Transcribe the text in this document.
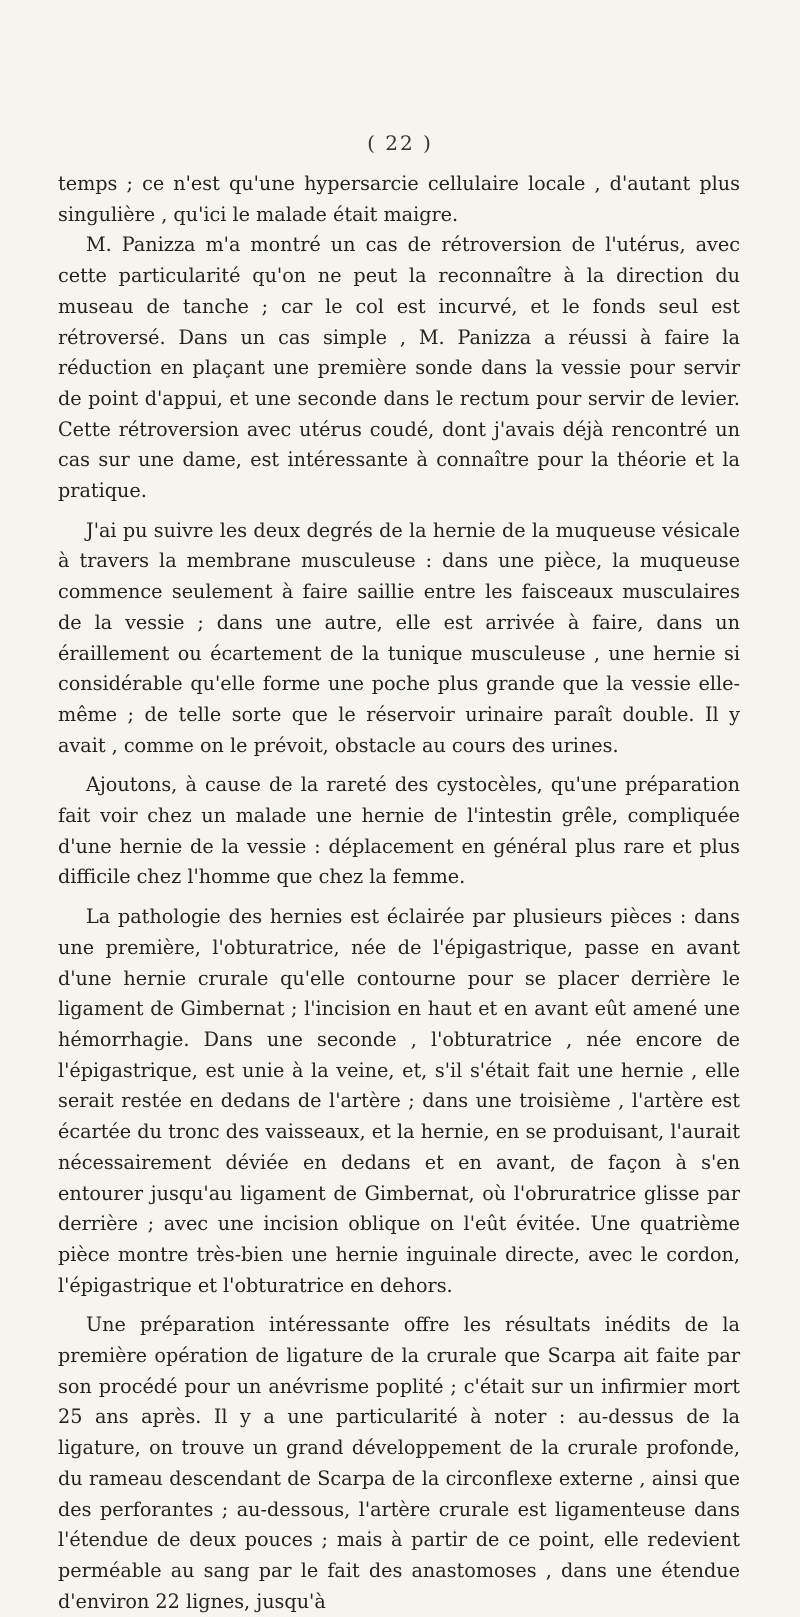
( 22 )

temps ; ce n'est qu'une hypersarcie cellulaire locale , d'autant plus singulière , qu'ici le malade était maigre.

M. Panizza m'a montré un cas de rétroversion de l'utérus, avec cette particularité qu'on ne peut la reconnaître à la direction du museau de tanche ; car le col est incurvé, et le fonds seul est rétroversé. Dans un cas simple , M. Panizza a réussi à faire la réduction en plaçant une première sonde dans la vessie pour servir de point d'appui, et une seconde dans le rectum pour servir de levier. Cette rétroversion avec utérus coudé, dont j'avais déjà rencontré un cas sur une dame, est intéressante à connaître pour la théorie et la pratique.

J'ai pu suivre les deux degrés de la hernie de la muqueuse vésicale à travers la membrane musculeuse : dans une pièce, la muqueuse commence seulement à faire saillie entre les faisceaux musculaires de la vessie ; dans une autre, elle est arrivée à faire, dans un éraillement ou écartement de la tunique musculeuse , une hernie si considérable qu'elle forme une poche plus grande que la vessie elle-même ; de telle sorte que le réservoir urinaire paraît double. Il y avait , comme on le prévoit, obstacle au cours des urines.

Ajoutons, à cause de la rareté des cystocèles, qu'une préparation fait voir chez un malade une hernie de l'intestin grêle, compliquée d'une hernie de la vessie : déplacement en général plus rare et plus difficile chez l'homme que chez la femme.

La pathologie des hernies est éclairée par plusieurs pièces : dans une première, l'obturatrice, née de l'épigastrique, passe en avant d'une hernie crurale qu'elle contourne pour se placer derrière le ligament de Gimbernat ; l'incision en haut et en avant eût amené une hémorrhagie. Dans une seconde , l'obturatrice , née encore de l'épigastrique, est unie à la veine, et, s'il s'était fait une hernie , elle serait restée en dedans de l'artère ; dans une troisième , l'artère est écartée du tronc des vaisseaux, et la hernie, en se produisant, l'aurait nécessairement déviée en dedans et en avant, de façon à s'en entourer jusqu'au ligament de Gimbernat, où l'obruratrice glisse par derrière ; avec une incision oblique on l'eût évitée. Une quatrième pièce montre très-bien une hernie inguinale directe, avec le cordon, l'épigastrique et l'obturatrice en dehors.

Une préparation intéressante offre les résultats inédits de la première opération de ligature de la crurale que Scarpa ait faite par son procédé pour un anévrisme poplité ; c'était sur un infirmier mort 25 ans après. Il y a une particularité à noter : au-dessus de la ligature, on trouve un grand développement de la crurale profonde, du rameau descendant de Scarpa de la circonflexe externe , ainsi que des perforantes ; au-dessous, l'artère crurale est ligamenteuse dans l'étendue de deux pouces ; mais à partir de ce point, elle redevient perméable au sang par le fait des anastomoses , dans une étendue d'environ 22 lignes, jusqu'à
